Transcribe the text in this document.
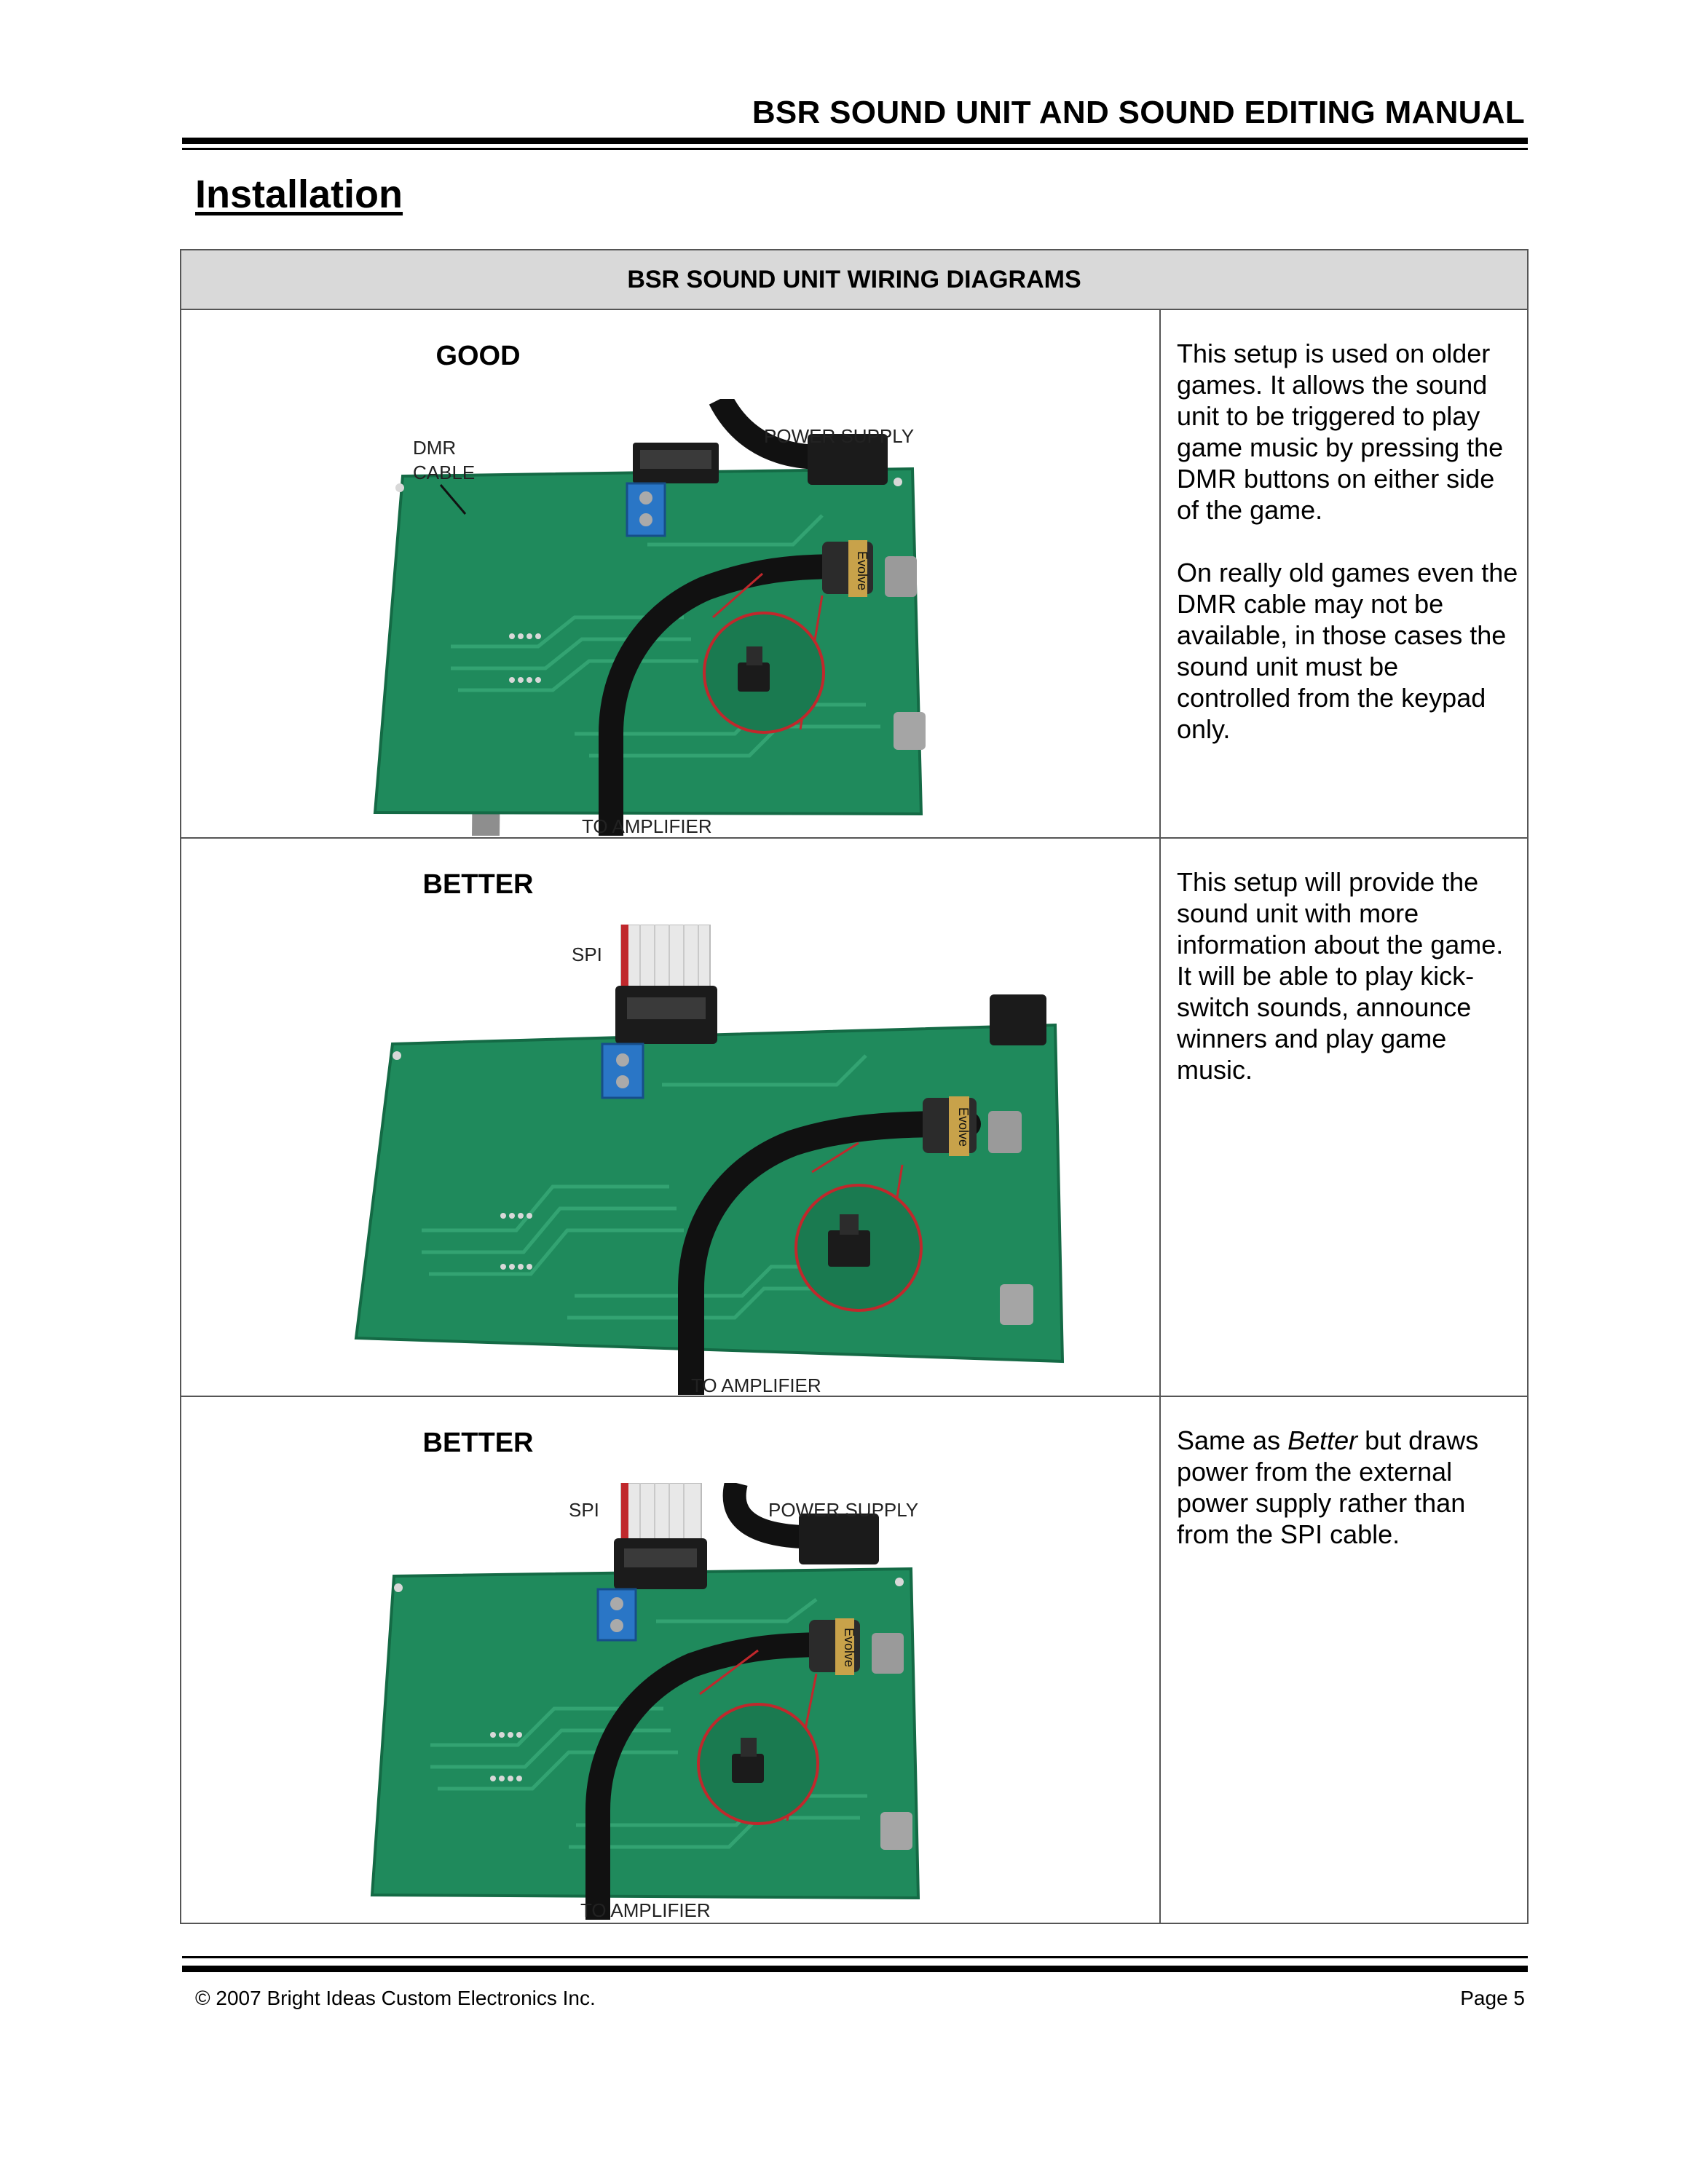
BSR SOUND UNIT AND SOUND EDITING MANUAL
Installation
BSR SOUND UNIT WIRING DIAGRAMS
GOOD
Evolve
DMR
CABLE
POWER SUPPLY
TO AMPLIFIER

This setup is used on older games. It allows the sound unit to be triggered to play game music by pressing the DMR buttons on either side of the game.

On really old games even the DMR cable may not be available, in those cases the sound unit must be controlled from the keypad only.

BETTER
Evolve
SPI
TO AMPLIFIER

This setup will provide the sound unit with more information about the game. It will be able to play kick-switch sounds, announce winners and play game music.

BETTER
Evolve
SPI	POWER SUPPLY
TO AMPLIFIER

Same as Better but draws power from the external power supply rather than from the SPI cable.

© 2007 Bright Ideas Custom Electronics Inc.	Page 5
